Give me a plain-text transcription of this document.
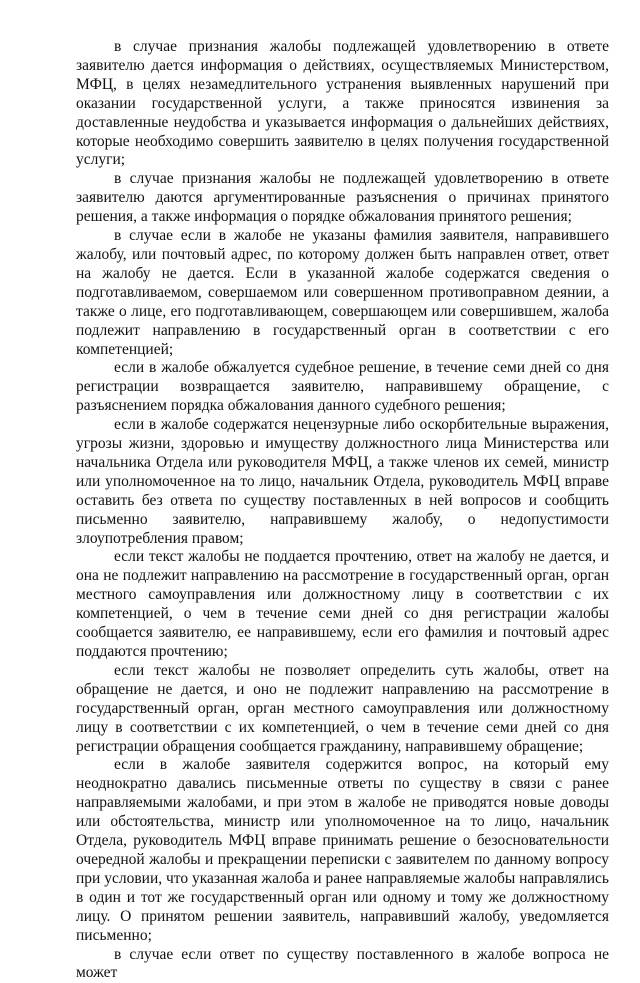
в случае признания жалобы подлежащей удовлетворению в ответе заявителю дается информация о действиях, осуществляемых Министерством, МФЦ, в целях незамедлительного устранения выявленных нарушений при оказании государственной услуги, а также приносятся извинения за доставленные неудобства и указывается информация о дальнейших действиях, которые необходимо совершить заявителю в целях получения государственной услуги;

в случае признания жалобы не подлежащей удовлетворению в ответе заявителю даются аргументированные разъяснения о причинах принятого решения, а также информация о порядке обжалования принятого решения;

в случае если в жалобе не указаны фамилия заявителя, направившего жалобу, или почтовый адрес, по которому должен быть направлен ответ, ответ на жалобу не дается. Если в указанной жалобе содержатся сведения о подготавливаемом, совершаемом или совершенном противоправном деянии, а также о лице, его подготавливающем, совершающем или совершившем, жалоба подлежит направлению в государственный орган в соответствии с его компетенцией;

если в жалобе обжалуется судебное решение, в течение семи дней со дня регистрации возвращается заявителю, направившему обращение, с разъяснением порядка обжалования данного судебного решения;

если в жалобе содержатся нецензурные либо оскорбительные выражения, угрозы жизни, здоровью и имуществу должностного лица Министерства или начальника Отдела или руководителя МФЦ, а также членов их семей, министр или уполномоченное на то лицо, начальник Отдела, руководитель МФЦ вправе оставить без ответа по существу поставленных в ней вопросов и сообщить письменно заявителю, направившему жалобу, о недопустимости злоупотребления правом;

если текст жалобы не поддается прочтению, ответ на жалобу не дается, и она не подлежит направлению на рассмотрение в государственный орган, орган местного самоуправления или должностному лицу в соответствии с их компетенцией, о чем в течение семи дней со дня регистрации жалобы сообщается заявителю, ее направившему, если его фамилия и почтовый адрес поддаются прочтению;

если текст жалобы не позволяет определить суть жалобы, ответ на обращение не дается, и оно не подлежит направлению на рассмотрение в государственный орган, орган местного самоуправления или должностному лицу в соответствии с их компетенцией, о чем в течение семи дней со дня регистрации обращения сообщается гражданину, направившему обращение;

если в жалобе заявителя содержится вопрос, на который ему неоднократно давались письменные ответы по существу в связи с ранее направляемыми жалобами, и при этом в жалобе не приводятся новые доводы или обстоятельства, министр или уполномоченное на то лицо, начальник Отдела, руководитель МФЦ вправе принимать решение о безосновательности очередной жалобы и прекращении переписки с заявителем по данному вопросу при условии, что указанная жалоба и ранее направляемые жалобы направлялись в один и тот же государственный орган или одному и тому же должностному лицу. О принятом решении заявитель, направивший жалобу, уведомляется письменно;

в случае если ответ по существу поставленного в жалобе вопроса не может
